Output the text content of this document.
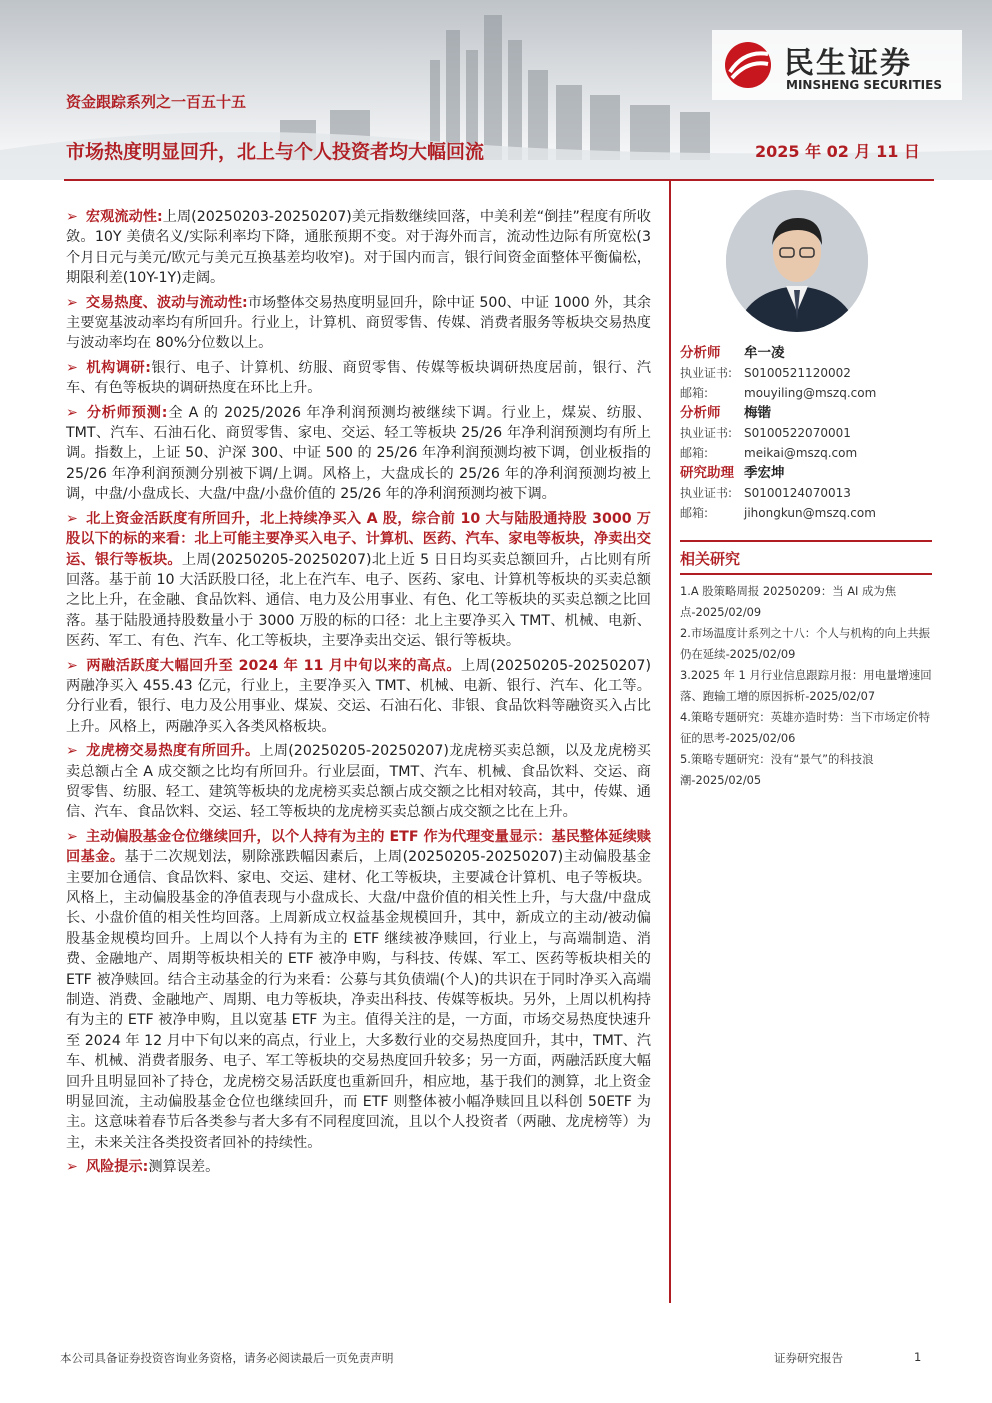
民生证券
MINSHENG SECURITIES
资金跟踪系列之一百五十五
市场热度明显回升，北上与个人投资者均大幅回流	2025 年 02 月 11 日

➢ 宏观流动性:上周(20250203-20250207)美元指数继续回落，中美利差“倒挂”程度有所收敛。10Y 美债名义/实际利率均下降，通胀预期不变。对于海外而言，流动性边际有所宽松(3 个月日元与美元/欧元与美元互换基差均收窄)。对于国内而言，银行间资金面整体平衡偏松，期限利差(10Y-1Y)走阔。

➢ 交易热度、波动与流动性:市场整体交易热度明显回升，除中证 500、中证 1000 外，其余主要宽基波动率均有所回升。行业上，计算机、商贸零售、传媒、消费者服务等板块交易热度与波动率均在 80%分位数以上。

➢ 机构调研:银行、电子、计算机、纺服、商贸零售、传媒等板块调研热度居前，银行、汽车、有色等板块的调研热度在环比上升。

➢ 分析师预测:全 A 的 2025/2026 年净利润预测均被继续下调。行业上，煤炭、纺服、TMT、汽车、石油石化、商贸零售、家电、交运、轻工等板块 25/26 年净利润预测均有所上调。指数上，上证 50、沪深 300、中证 500 的 25/26 年净利润预测均被下调，创业板指的 25/26 年净利润预测分别被下调/上调。风格上，大盘成长的 25/26 年的净利润预测均被上调，中盘/小盘成长、大盘/中盘/小盘价值的 25/26 年的净利润预测均被下调。

➢ 北上资金活跃度有所回升，北上持续净买入 A 股，综合前 10 大与陆股通持股 3000 万股以下的标的来看：北上可能主要净买入电子、计算机、医药、汽车、家电等板块，净卖出交运、银行等板块。上周(20250205-20250207)北上近 5 日日均买卖总额回升，占比则有所回落。基于前 10 大活跃股口径，北上在汽车、电子、医药、家电、计算机等板块的买卖总额之比上升，在金融、食品饮料、通信、电力及公用事业、有色、化工等板块的买卖总额之比回落。基于陆股通持股数量小于 3000 万股的标的口径：北上主要净买入 TMT、机械、电新、医药、军工、有色、汽车、化工等板块，主要净卖出交运、银行等板块。

➢ 两融活跃度大幅回升至 2024 年 11 月中旬以来的高点。上周(20250205-20250207)两融净买入 455.43 亿元，行业上，主要净买入 TMT、机械、电新、银行、汽车、化工等。分行业看，银行、电力及公用事业、煤炭、交运、石油石化、非银、食品饮料等融资买入占比上升。风格上，两融净买入各类风格板块。

➢ 龙虎榜交易热度有所回升。上周(20250205-20250207)龙虎榜买卖总额，以及龙虎榜买卖总额占全 A 成交额之比均有所回升。行业层面，TMT、汽车、机械、食品饮料、交运、商贸零售、纺服、轻工、建筑等板块的龙虎榜买卖总额占成交额之比相对较高，其中，传媒、通信、汽车、食品饮料、交运、轻工等板块的龙虎榜买卖总额占成交额之比在上升。

➢ 主动偏股基金仓位继续回升，以个人持有为主的 ETF 作为代理变量显示：基民整体延续赎回基金。基于二次规划法，剔除涨跌幅因素后，上周(20250205-20250207)主动偏股基金主要加仓通信、食品饮料、家电、交运、建材、化工等板块，主要减仓计算机、电子等板块。风格上，主动偏股基金的净值表现与小盘成长、大盘/中盘价值的相关性上升，与大盘/中盘成长、小盘价值的相关性均回落。上周新成立权益基金规模回升，其中，新成立的主动/被动偏股基金规模均回升。上周以个人持有为主的 ETF 继续被净赎回，行业上，与高端制造、消费、金融地产、周期等板块相关的 ETF 被净申购，与科技、传媒、军工、医药等板块相关的 ETF 被净赎回。结合主动基金的行为来看：公募与其负债端(个人)的共识在于同时净买入高端制造、消费、金融地产、周期、电力等板块，净卖出科技、传媒等板块。另外，上周以机构持有为主的 ETF 被净申购，且以宽基 ETF 为主。值得关注的是，一方面，市场交易热度快速升至 2024 年 12 月中下旬以来的高点，行业上，大多数行业的交易热度回升，其中，TMT、汽车、机械、消费者服务、电子、军工等板块的交易热度回升较多；另一方面，两融活跃度大幅回升且明显回补了持仓，龙虎榜交易活跃度也重新回升，相应地，基于我们的测算，北上资金明显回流，主动偏股基金仓位也继续回升，而 ETF 则整体被小幅净赎回且以科创 50ETF 为主。这意味着春节后各类参与者大多有不同程度回流，且以个人投资者（两融、龙虎榜等）为主，未来关注各类投资者回补的持续性。

➢ 风险提示:测算误差。

分析师 牟一凌
执业证书: S0100521120002
邮箱:	mouyiling@mszq.com
分析师 梅锴
执业证书: S0100522070001
邮箱:	meikai@mszq.com
研究助理 季宏坤
执业证书: S0100124070013
邮箱:	jihongkun@mszq.com
相关研究

1.A 股策略周报 20250209：当 AI 成为焦点-2025/02/09

2.市场温度计系列之十八：个人与机构的向上共振仍在延续-2025/02/09

3.2025 年 1 月行业信息跟踪月报：用电量增速回落、跑输工增的原因拆析-2025/02/07

4.策略专题研究：英雄亦造时势：当下市场定价特征的思考-2025/02/06

5.策略专题研究：没有“景气”的科技浪潮-2025/02/05

本公司具备证券投资咨询业务资格，请务必阅读最后一页免责声明	证券研究报告	1
